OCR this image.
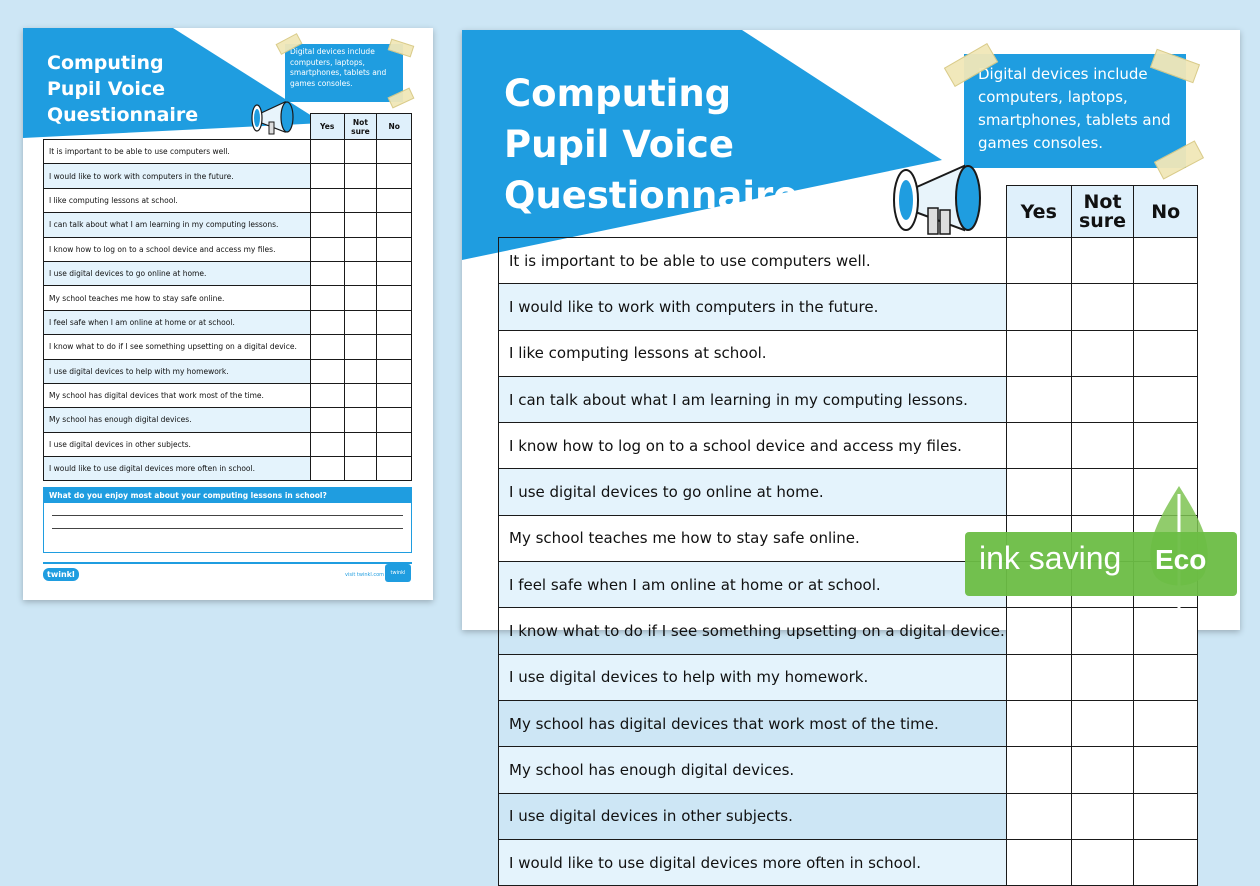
Computing
Pupil Voice
Questionnaire
Digital devices include
computers, laptops,
smartphones, tablets and
games consoles.
	Yes	Not sure	No
It is important to be able to use computers well.			
I would like to work with computers in the future.			
I like computing lessons at school.			
I can talk about what I am learning in my computing lessons.			
I know how to log on to a school device and access my files.			
I use digital devices to go online at home.			
My school teaches me how to stay safe online.			
I feel safe when I am online at home or at school.			
I know what to do if I see something upsetting on a digital device.			
I use digital devices to help with my homework.			
My school has digital devices that work most of the time.			
My school has enough digital devices.			
I use digital devices in other subjects.			
I would like to use digital devices more often in school.			
What do you enjoy most about your computing lessons in school?
twinkl	visit twinkl.com	twinkl
Computing
Pupil Voice
Questionnaire
Digital devices include
computers, laptops,
smartphones, tablets and
games consoles.
	Yes	Not sure	No
It is important to be able to use computers well.			
I would like to work with computers in the future.			
I like computing lessons at school.			
I can talk about what I am learning in my computing lessons.			
I know how to log on to a school device and access my files.			
I use digital devices to go online at home.			
My school teaches me how to stay safe online.			
I feel safe when I am online at home or at school.			
I know what to do if I see something upsetting on a digital device.			
I use digital devices to help with my homework.			
My school has digital devices that work most of the time.			
My school has enough digital devices.			
I use digital devices in other subjects.			
I would like to use digital devices more often in school.			
ink saving Eco
